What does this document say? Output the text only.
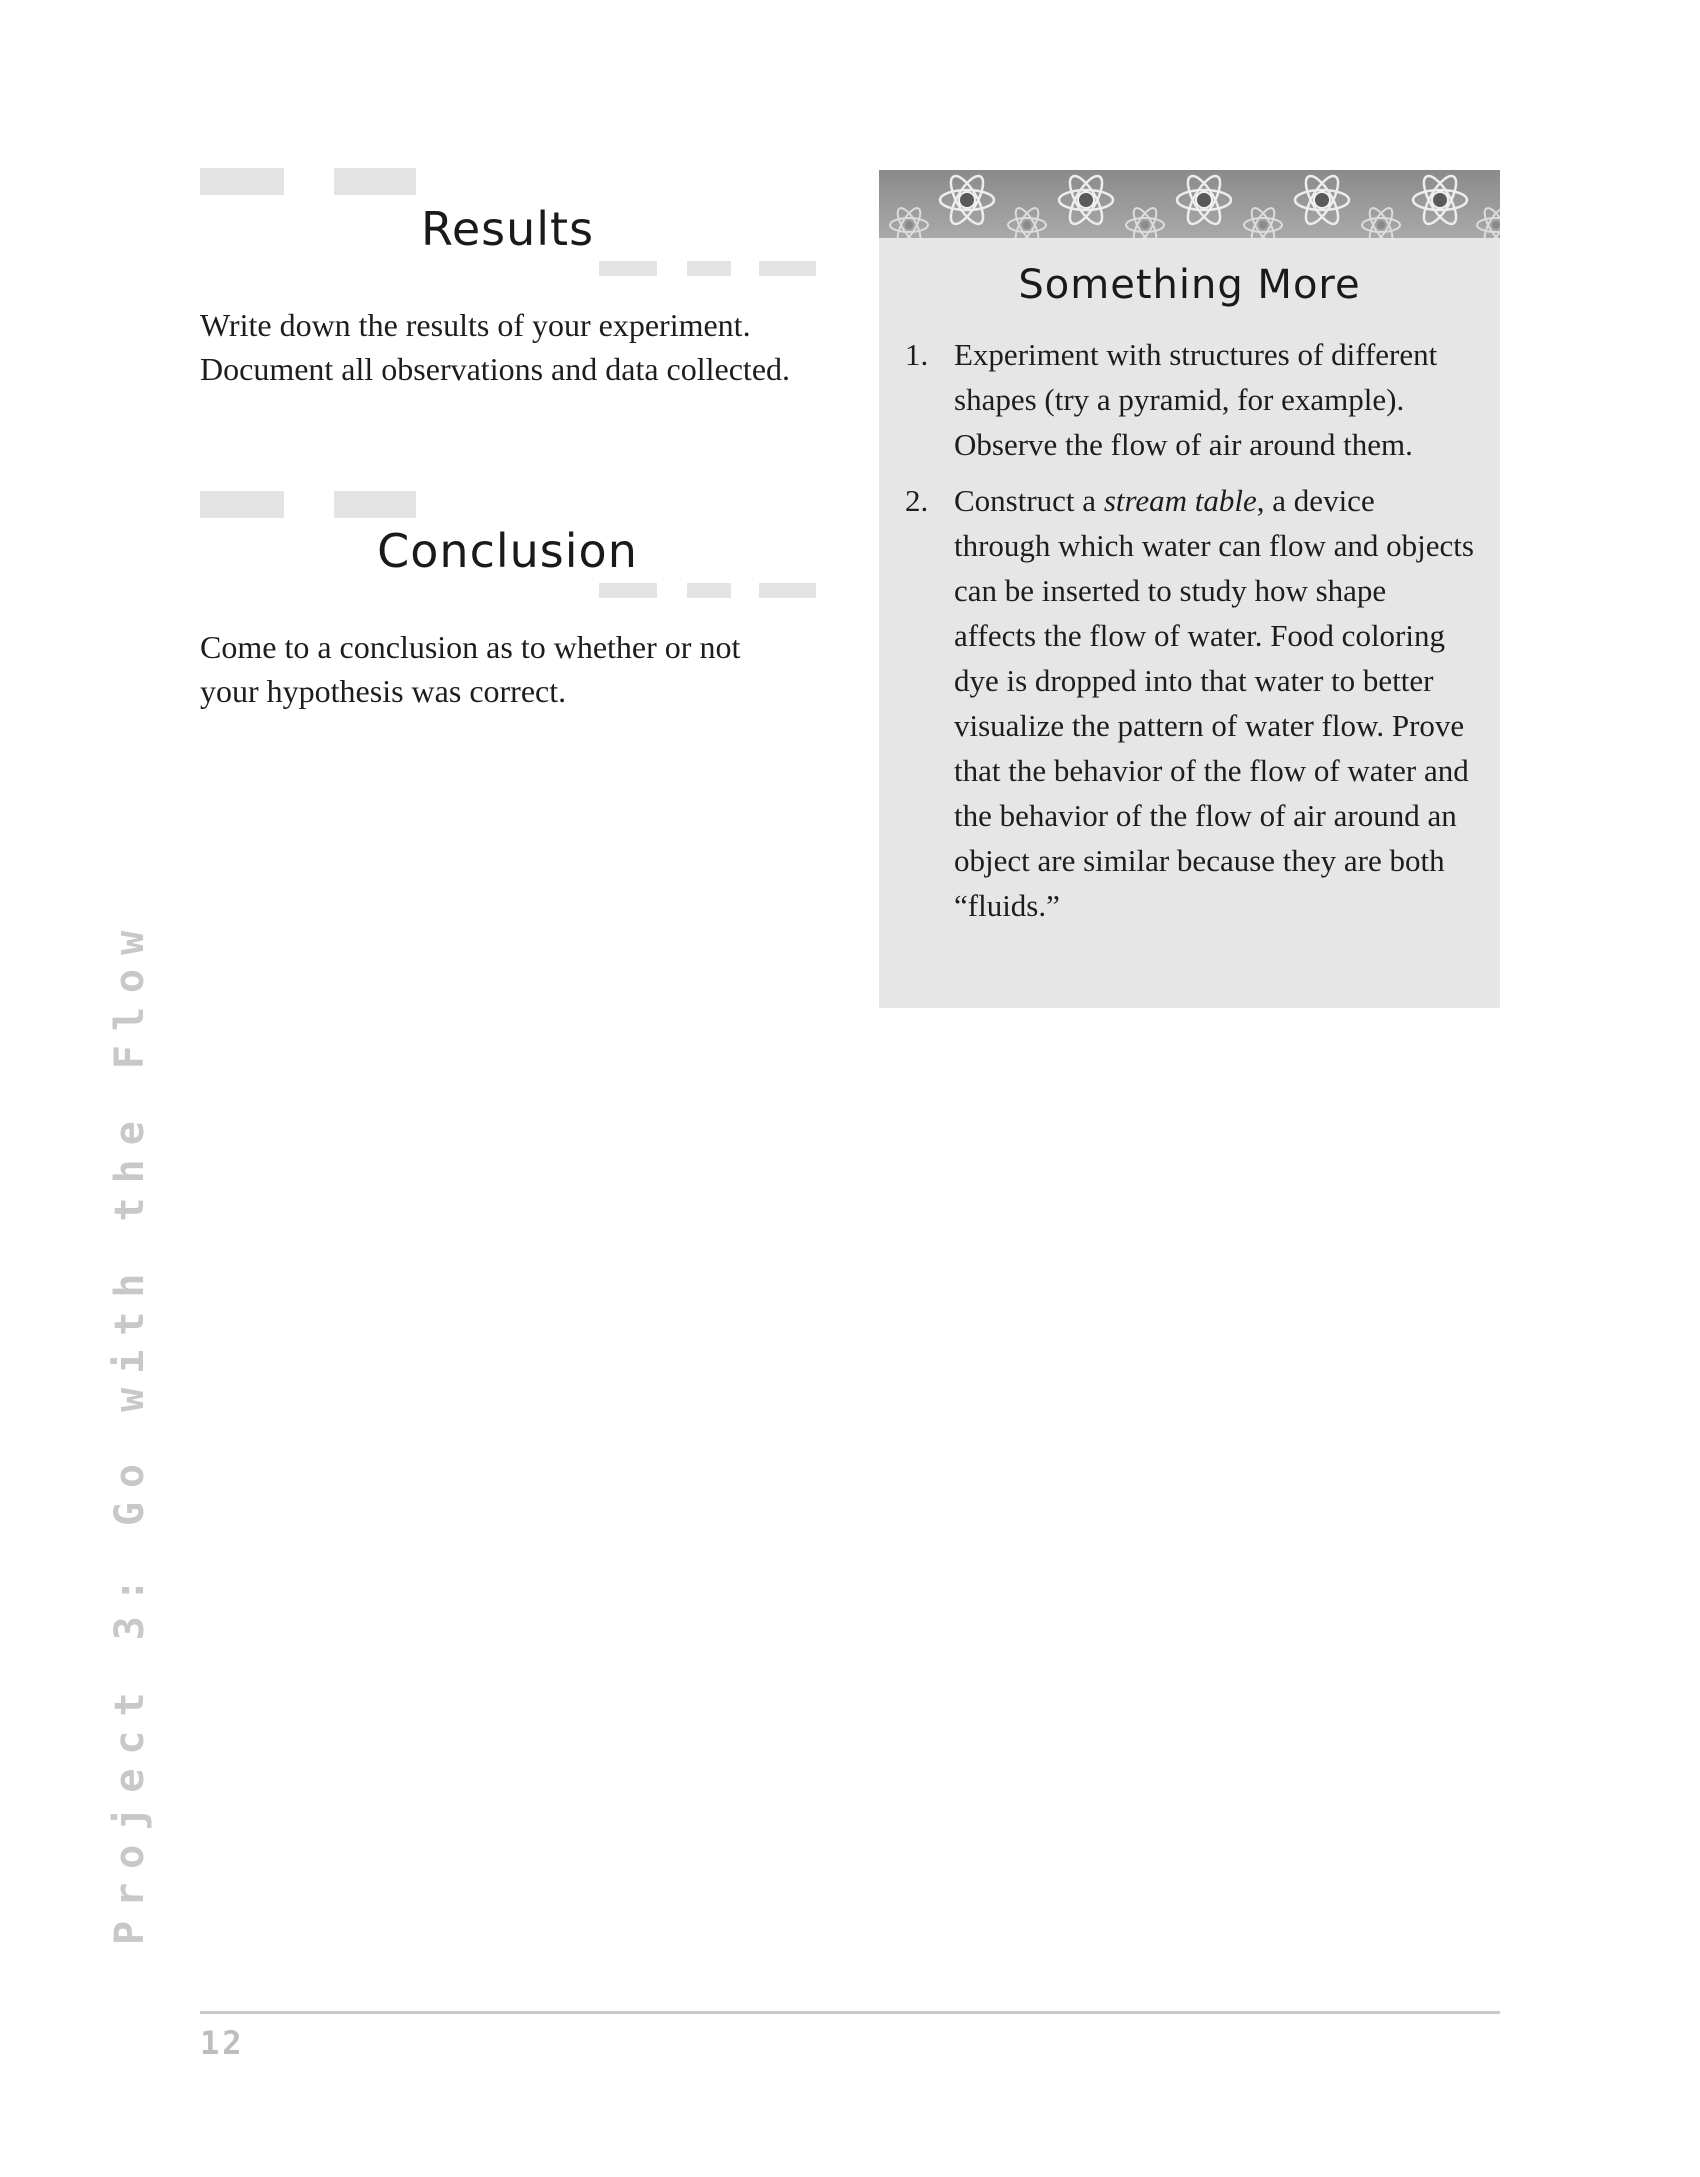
Results

Write down the results of your experiment. Document all observations and data collected.

Conclusion

Come to a conclusion as to whether or not your hypothesis was correct.

Something More
1. Experiment with structures of different shapes (try a pyramid, for example). Observe the flow of air around them.
2. Construct a stream table, a device through which water can flow and objects can be inserted to study how shape affects the flow of water. Food coloring dye is dropped into that water to better visualize the pattern of water flow. Prove that the behavior of the flow of water and the behavior of the flow of air around an object are similar because they are both “fluids.”
Project 3: Go with the Flow
12
